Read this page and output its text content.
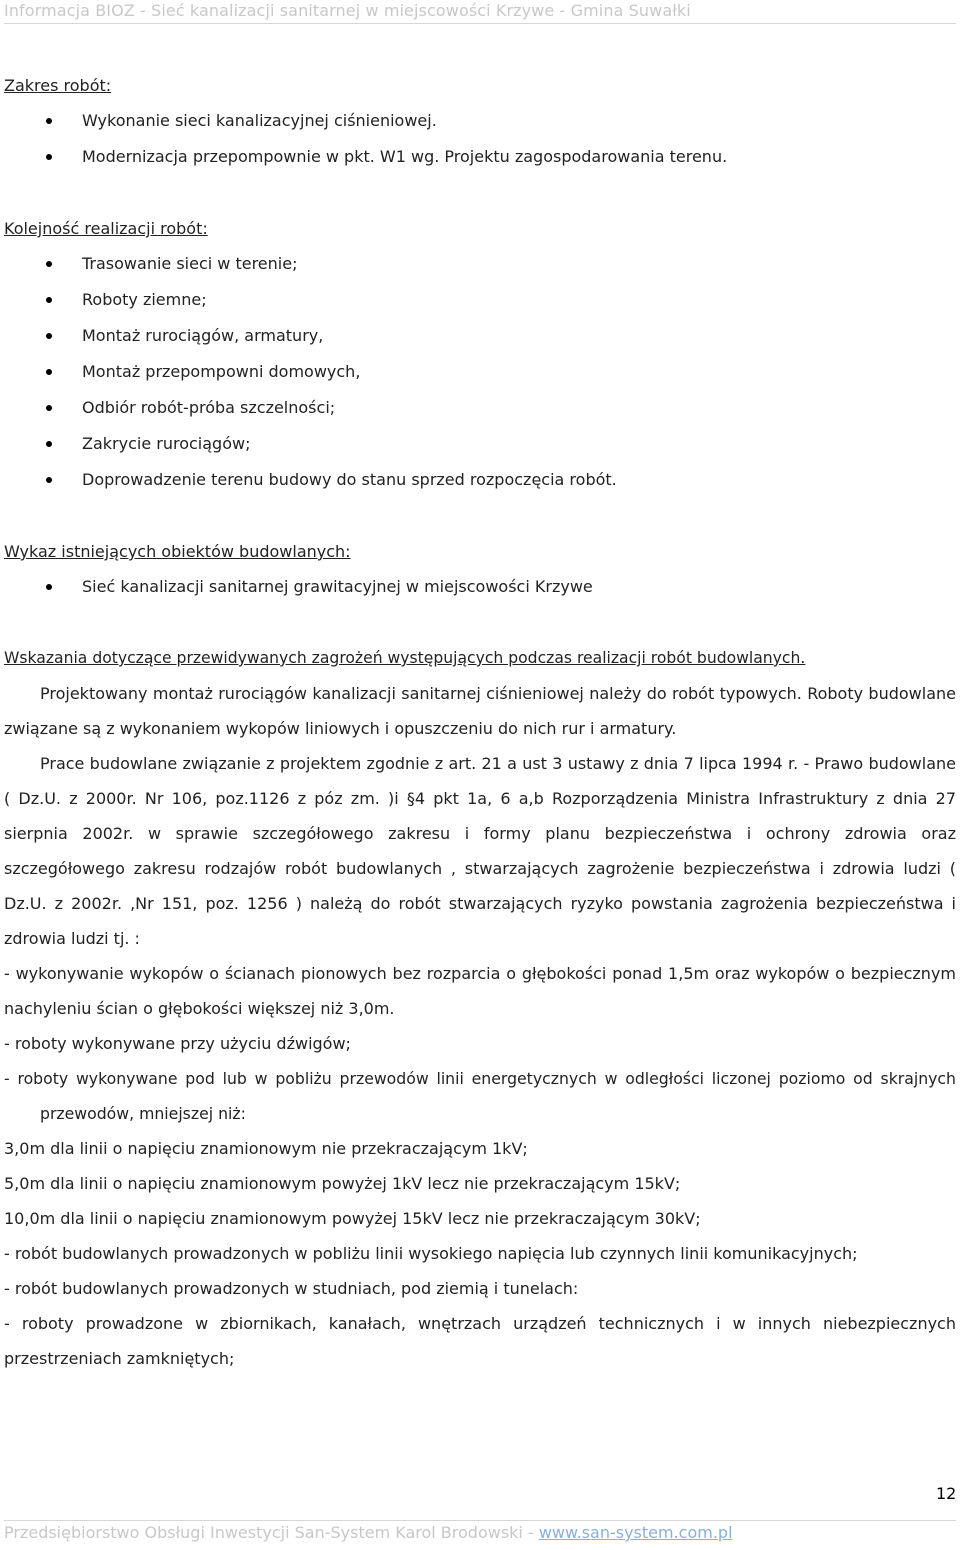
Informacja BIOZ - Sieć kanalizacji sanitarnej w miejscowości Krzywe - Gmina Suwałki
Zakres robót:
Wykonanie sieci kanalizacyjnej ciśnieniowej.
Modernizacja przepompownie w pkt. W1 wg. Projektu zagospodarowania terenu.
Kolejność realizacji robót:
Trasowanie sieci w terenie;
Roboty ziemne;
Montaż rurociągów, armatury,
Montaż przepompowni domowych,
Odbiór robót-próba szczelności;
Zakrycie rurociągów;
Doprowadzenie terenu budowy do stanu sprzed rozpoczęcia robót.
Wykaz istniejących obiektów budowlanych:
Sieć kanalizacji sanitarnej grawitacyjnej w miejscowości Krzywe
Wskazania dotyczące przewidywanych zagrożeń występujących podczas realizacji robót budowlanych.
Projektowany montaż rurociągów kanalizacji sanitarnej ciśnieniowej należy do robót typowych. Roboty budowlane związane są z wykonaniem wykopów liniowych i opuszczeniu do nich rur i armatury.
Prace budowlane związanie z projektem zgodnie z art. 21 a ust 3 ustawy z dnia 7 lipca 1994 r. - Prawo budowlane ( Dz.U. z 2000r. Nr 106, poz.1126 z póz zm. )i §4 pkt 1a, 6 a,b Rozporządzenia Ministra Infrastruktury z dnia 27 sierpnia 2002r. w sprawie szczegółowego zakresu i formy planu bezpieczeństwa i ochrony zdrowia oraz szczegółowego zakresu rodzajów robót budowlanych , stwarzających zagrożenie bezpieczeństwa i zdrowia ludzi ( Dz.U. z 2002r. ,Nr 151, poz. 1256 ) należą do robót stwarzających ryzyko powstania zagrożenia bezpieczeństwa i zdrowia ludzi tj. :
- wykonywanie wykopów o ścianach pionowych bez rozparcia o głębokości ponad 1,5m oraz wykopów o bezpiecznym nachyleniu ścian o głębokości większej niż 3,0m.
- roboty wykonywane przy użyciu dźwigów;
- roboty wykonywane pod lub w pobliżu przewodów linii energetycznych w odległości liczonej poziomo od skrajnych przewodów, mniejszej niż:
3,0m dla linii o napięciu znamionowym nie przekraczającym 1kV;
5,0m dla linii o napięciu znamionowym powyżej 1kV lecz nie przekraczającym 15kV;
10,0m dla linii o napięciu znamionowym powyżej 15kV lecz nie przekraczającym 30kV;
- robót budowlanych prowadzonych w pobliżu linii wysokiego napięcia lub czynnych linii komunikacyjnych;
- robót budowlanych prowadzonych w studniach, pod ziemią i tunelach:
- roboty prowadzone w zbiornikach, kanałach, wnętrzach urządzeń technicznych i w innych niebezpiecznych przestrzeniach zamkniętych;
12
Przedsiębiorstwo Obsługi Inwestycji San-System Karol Brodowski - www.san-system.com.pl
